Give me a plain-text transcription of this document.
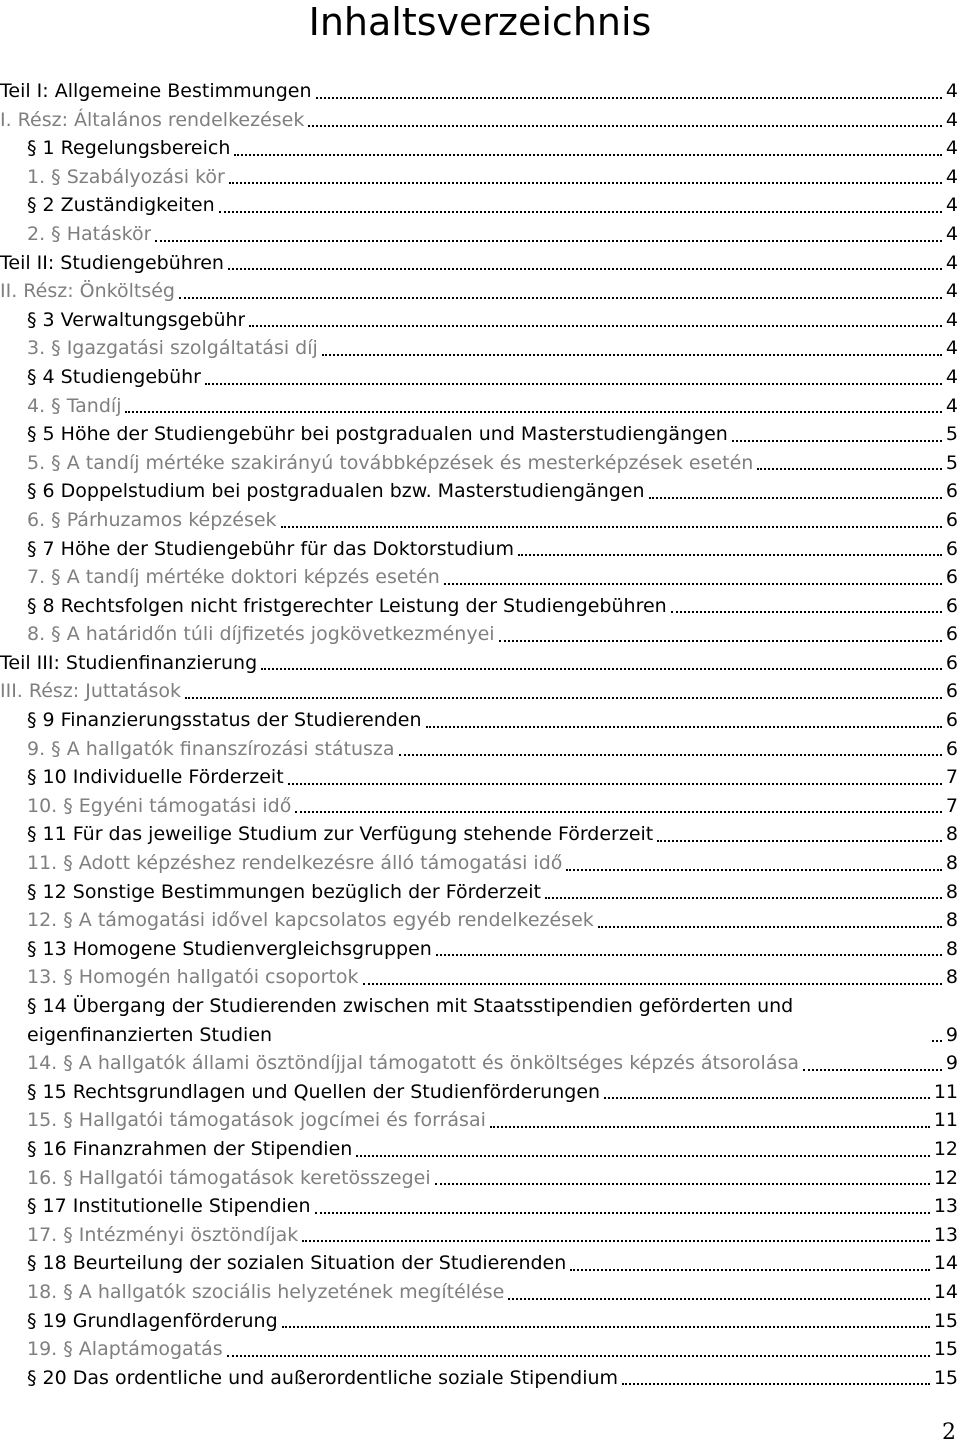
Inhaltsverzeichnis
Teil I: Allgemeine Bestimmungen	4
I. Rész: Általános rendelkezések	4
§ 1 Regelungsbereich	4
1. § Szabályozási kör	4
§ 2 Zuständigkeiten	4
2. § Hatáskör	4
Teil II: Studiengebühren	4
II. Rész: Önköltség	4
§ 3 Verwaltungsgebühr	4
3. § Igazgatási szolgáltatási díj	4
§ 4 Studiengebühr	4
4. § Tandíj	4
§ 5 Höhe der Studiengebühr bei postgradualen und Masterstudiengängen	5
5. § A tandíj mértéke szakirányú továbbképzések és mesterképzések esetén	5
§ 6 Doppelstudium bei postgradualen bzw. Masterstudiengängen	6
6. § Párhuzamos képzések	6
§ 7 Höhe der Studiengebühr für das Doktorstudium	6
7. § A tandíj mértéke doktori képzés esetén	6
§ 8 Rechtsfolgen nicht fristgerechter Leistung der Studiengebühren	6
8. § A határidőn túli díjfizetés jogkövetkezményei	6
Teil III: Studienfinanzierung	6
III. Rész: Juttatások	6
§ 9 Finanzierungsstatus der Studierenden	6
9. § A hallgatók finanszírozási státusza	6
§ 10 Individuelle Förderzeit	7
10. § Egyéni támogatási idő	7
§ 11 Für das jeweilige Studium zur Verfügung stehende Förderzeit	8
11. § Adott képzéshez rendelkezésre álló támogatási idő	8
§ 12 Sonstige Bestimmungen bezüglich der Förderzeit	8
12. § A támogatási idővel kapcsolatos egyéb rendelkezések	8
§ 13 Homogene Studienvergleichsgruppen	8
13. § Homogén hallgatói csoportok	8
§ 14 Übergang der Studierenden zwischen mit Staatsstipendien geförderten und eigenfinanzierten Studien	9
14. § A hallgatók állami ösztöndíjjal támogatott és önköltséges képzés átsorolása	9
§ 15 Rechtsgrundlagen und Quellen der Studienförderungen	11
15. § Hallgatói támogatások jogcímei és forrásai	11
§ 16 Finanzrahmen der Stipendien	12
16. § Hallgatói támogatások keretösszegei	12
§ 17 Institutionelle Stipendien	13
17. § Intézményi ösztöndíjak	13
§ 18 Beurteilung der sozialen Situation der Studierenden	14
18. § A hallgatók szociális helyzetének megítélése	14
§ 19 Grundlagenförderung	15
19. § Alaptámogatás	15
§ 20 Das ordentliche und außerordentliche soziale Stipendium	15
2
